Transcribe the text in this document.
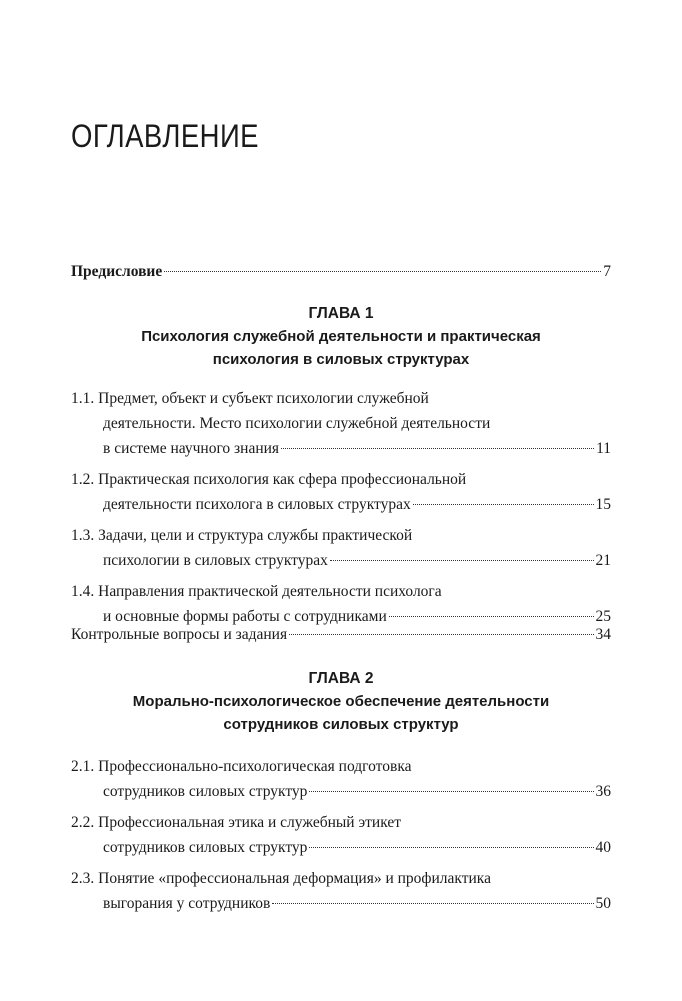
ОГЛАВЛЕНИЕ
Предисловие	7
ГЛАВА 1
Психология служебной деятельности и практическая
психология в силовых структурах
1.1. Предмет, объект и субъект психологии служебной
деятельности. Место психологии служебной деятельности
в системе научного знания	11
1.2. Практическая психология как сфера профессиональной
деятельности психолога в силовых структурах	15
1.3. Задачи, цели и структура службы практической
психологии в силовых структурах	21
1.4. Направления практической деятельности психолога
и основные формы работы с сотрудниками	25
Контрольные вопросы и задания	34
ГЛАВА 2
Морально-психологическое обеспечение деятельности
сотрудников силовых структур
2.1. Профессионально-психологическая подготовка
сотрудников силовых структур	36
2.2. Профессиональная этика и служебный этикет
сотрудников силовых структур	40
2.3. Понятие «профессиональная деформация» и профилактика
выгорания у сотрудников	50
